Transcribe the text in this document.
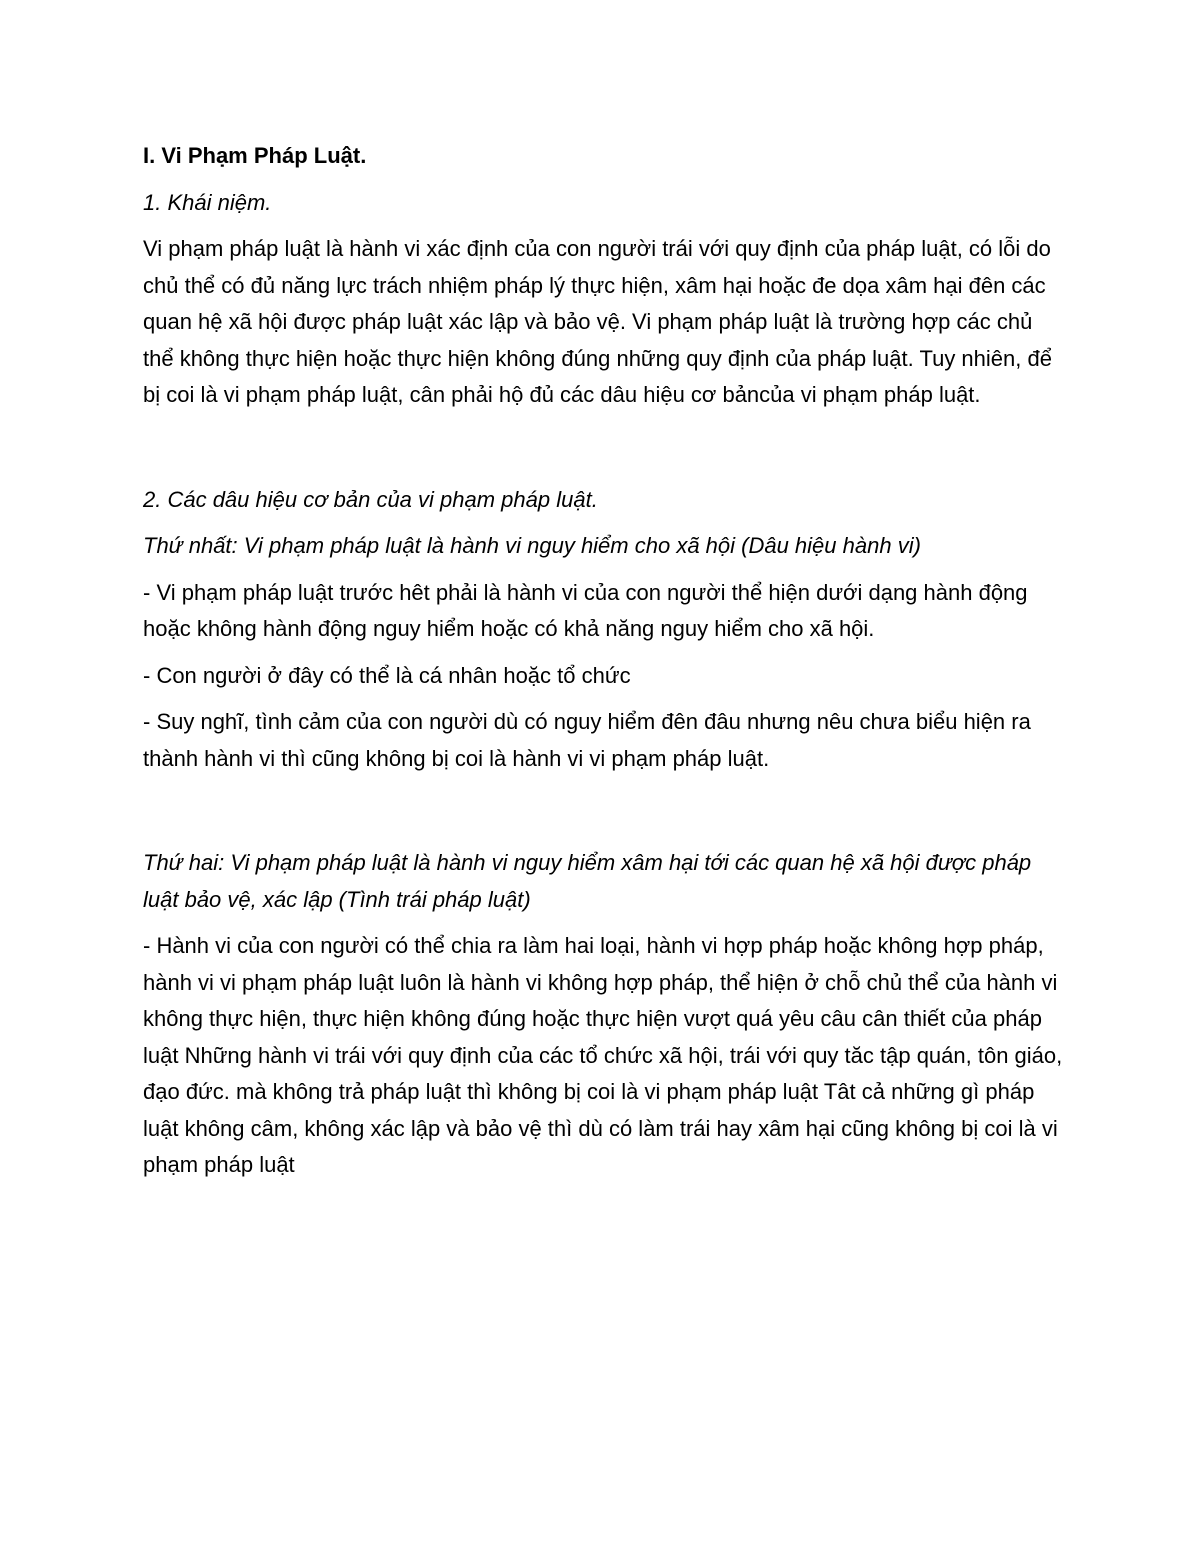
I. Vi Phạm Pháp Luật.

1. Khái niệm.

Vi phạm pháp luật là hành vi xác định của con người trái với quy định của pháp luật, có lỗi do chủ thể có đủ năng lực trách nhiệm pháp lý thực hiện, xâm hại hoặc đe dọa xâm hại đên các quan hệ xã hội được pháp luật xác lập và bảo vệ. Vi phạm pháp luật là trường hợp các chủ thể không thực hiện hoặc thực hiện không đúng những quy định của pháp luật. Tuy nhiên, để bị coi là vi phạm pháp luật, cân phải hộ đủ các dâu hiệu cơ bảncủa vi phạm pháp luật.

2. Các dâu hiệu cơ bản của vi phạm pháp luật.

Thứ nhất: Vi phạm pháp luật là hành vi nguy hiểm cho xã hội (Dâu hiệu hành vi)

- Vi phạm pháp luật trước hêt phải là hành vi của con người thể hiện dưới dạng hành động hoặc không hành động nguy hiểm hoặc có khả năng nguy hiểm cho xã hội.

- Con người ở đây có thể là cá nhân hoặc tổ chức

- Suy nghĩ, tình cảm của con người dù có nguy hiểm đên đâu nhưng nêu chưa biểu hiện ra thành hành vi thì cũng không bị coi là hành vi vi phạm pháp luật.

Thứ hai: Vi phạm pháp luật là hành vi nguy hiểm xâm hại tới các quan hệ xã hội được pháp luật bảo vệ, xác lập (Tình trái pháp luật)

- Hành vi của con người có thể chia ra làm hai loại, hành vi hợp pháp hoặc không hợp pháp, hành vi vi phạm pháp luật luôn là hành vi không hợp pháp, thể hiện ở chỗ chủ thể của hành vi không thực hiện, thực hiện không đúng hoặc thực hiện vượt quá yêu câu cân thiết của pháp luật Những hành vi trái với quy định của các tổ chức xã hội, trái với quy tăc tập quán, tôn giáo, đạo đức. mà không trả pháp luật thì không bị coi là vi phạm pháp luật Tât cả những gì pháp luật không câm, không xác lập và bảo vệ thì dù có làm trái hay xâm hại cũng không bị coi là vi phạm pháp luật
